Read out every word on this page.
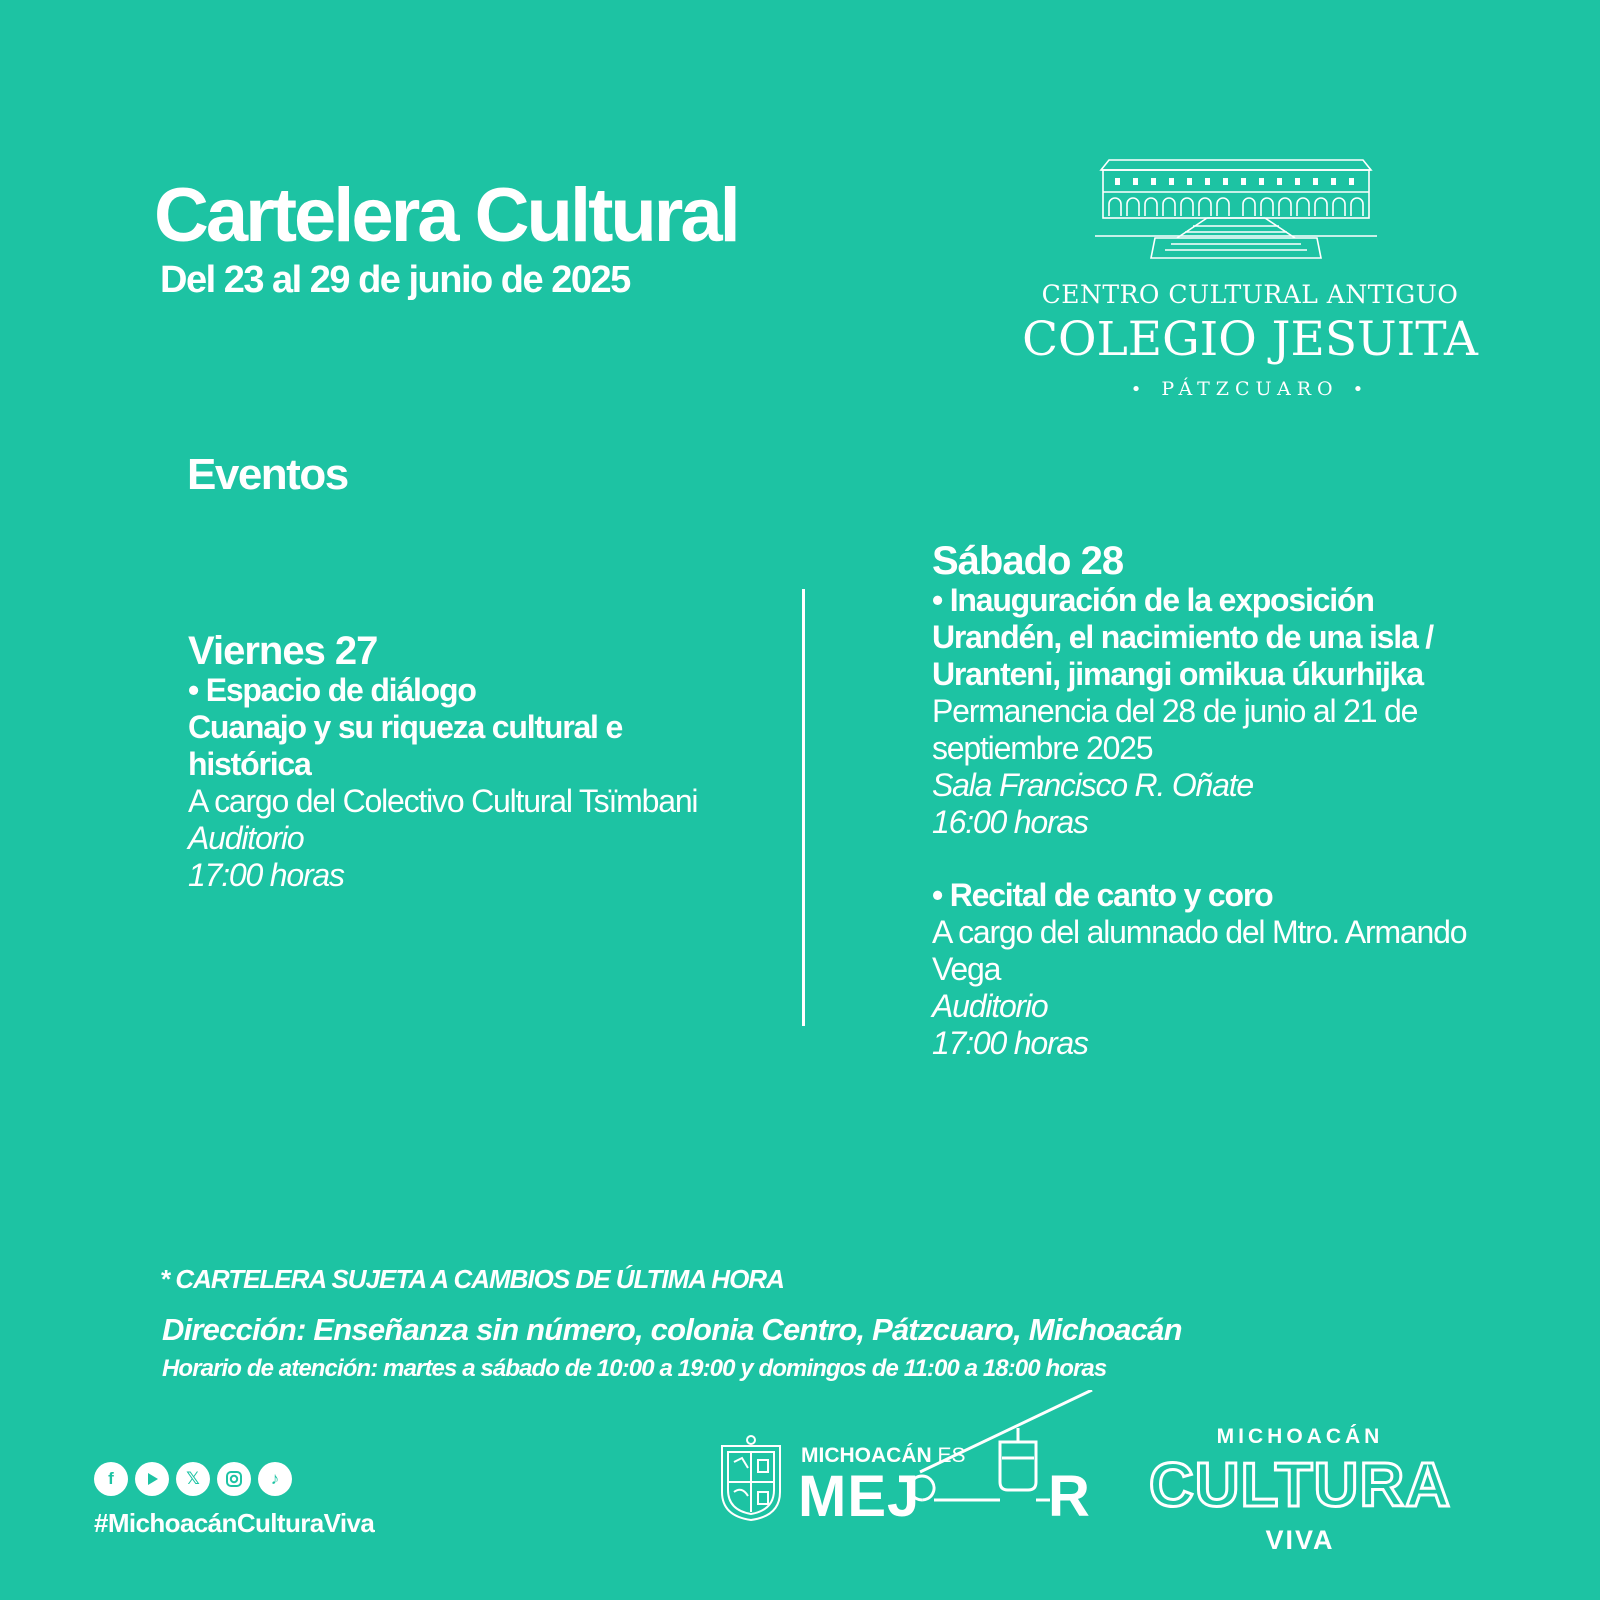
Cartelera Cultural
Del 23 al 29 de junio de 2025	CENTRO CULTURAL ANTIGUO
COLEGIO JESUITA
• PÁTZCUARO •
Eventos
Viernes 27
• Espacio de diálogo
Cuanajo y su riqueza cultural e histórica
A cargo del Colectivo Cultural Tsïmbani
Auditorio
17:00 horas
Sábado 28
• Inauguración de la exposición Urandén, el nacimiento de una isla / Uranteni, jimangi omikua úkurhijka
Permanencia del 28 de junio al 21 de septiembre 2025
Sala Francisco R. Oñate
16:00 horas
• Recital de canto y coro
A cargo del alumnado del Mtro. Armando Vega
Auditorio
17:00 horas
* CARTELERA SUJETA A CAMBIOS DE ÚLTIMA HORA
Dirección: Enseñanza sin número, colonia Centro, Pátzcuaro, Michoacán
Horario de atención: martes a sábado de 10:00 a 19:00 y domingos de 11:00 a 18:00 horas
f	𝕏	♪
#MichoacánCulturaViva
MICHOACÁN ES
MEJ R
MICHOACÁN
CULTURA
VIVA
